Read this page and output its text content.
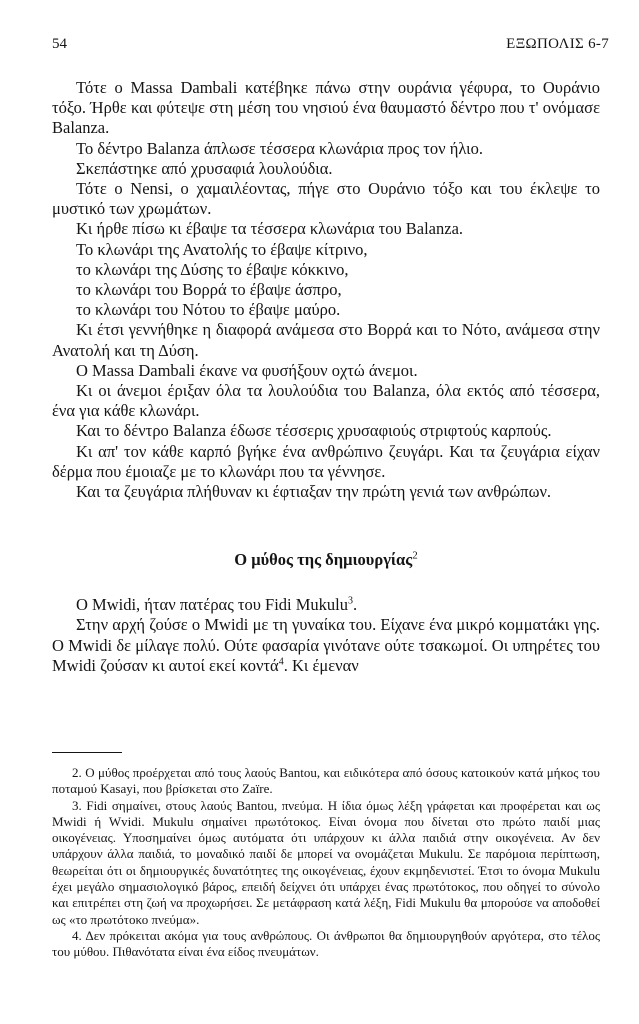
54	ΕΞΩΠΟΛΙΣ 6-7

Τότε ο Massa Dambali κατέβηκε πάνω στην ουράνια γέφυρα, το Ουράνιο τόξο. Ήρθε και φύτεψε στη μέση του νησιού ένα θαυμαστό δέντρο που τ' ονόμασε Balanza.

Το δέντρο Balanza άπλωσε τέσσερα κλωνάρια προς τον ήλιο.

Σκεπάστηκε από χρυσαφιά λουλούδια.

Τότε ο Nensi, ο χαμαιλέοντας, πήγε στο Ουράνιο τόξο και του έκλεψε το μυστικό των χρωμάτων.

Κι ήρθε πίσω κι έβαψε τα τέσσερα κλωνάρια του Balanza.

Το κλωνάρι της Ανατολής το έβαψε κίτρινο,

το κλωνάρι της Δύσης το έβαψε κόκκινο,

το κλωνάρι του Βορρά το έβαψε άσπρο,

το κλωνάρι του Νότου το έβαψε μαύρο.

Κι έτσι γεννήθηκε η διαφορά ανάμεσα στο Βορρά και το Νότο, ανάμεσα στην Ανατολή και τη Δύση.

Ο Massa Dambali έκανε να φυσήξουν οχτώ άνεμοι.

Κι οι άνεμοι έριξαν όλα τα λουλούδια του Balanza, όλα εκτός από τέσσερα, ένα για κάθε κλωνάρι.

Και το δέντρο Balanza έδωσε τέσσερις χρυσαφιούς στριφτούς καρπούς.

Κι απ' τον κάθε καρπό βγήκε ένα ανθρώπινο ζευγάρι. Και τα ζευγάρια είχαν δέρμα που έμοιαζε με το κλωνάρι που τα γέννησε.

Και τα ζευγάρια πλήθυναν κι έφτιαξαν την πρώτη γενιά των ανθρώπων.

Ο μύθος της δημιουργίας$^2$

Ο Mwidi, ήταν πατέρας του Fidi Mukulu$^3$.

Στην αρχή ζούσε ο Mwidi με τη γυναίκα του. Είχανε ένα μικρό κομματάκι γης. Ο Mwidi δε μίλαγε πολύ. Ούτε φασαρία γινότανε ούτε τσακωμοί. Οι υπηρέτες του Mwidi ζούσαν κι αυτοί εκεί κοντά$^4$. Κι έμεναν

2. Ο μύθος προέρχεται από τους λαούς Bantou, και ειδικότερα από όσους κατοικούν κατά μήκος του ποταμού Kasayi, που βρίσκεται στο Zaïre.

3. Fidi σημαίνει, στους λαούς Bantou, πνεύμα. Η ίδια όμως λέξη γράφεται και προφέρεται και ως Mwidi ή Wvidi. Mukulu σημαίνει πρωτότοκος. Είναι όνομα που δίνεται στο πρώτο παιδί μιας οικογένειας. Υποσημαίνει όμως αυτόματα ότι υπάρχουν κι άλλα παιδιά στην οικογένεια. Αν δεν υπάρχουν άλλα παιδιά, το μοναδικό παιδί δε μπορεί να ονομάζεται Mukulu. Σε παρόμοια περίπτωση, θεωρείται ότι οι δημιουργικές δυνατότητες της οικογένειας, έχουν εκμηδενιστεί. Έτσι το όνομα Mukulu έχει μεγάλο σημασιολογικό βάρος, επειδή δείχνει ότι υπάρχει ένας πρωτότοκος, που οδηγεί το σύνολο και επιτρέπει στη ζωή να προχωρήσει. Σε μετάφραση κατά λέξη, Fidi Mukulu θα μπορούσε να αποδοθεί ως «το πρωτότοκο πνεύμα».

4. Δεν πρόκειται ακόμα για τους ανθρώπους. Οι άνθρωποι θα δημιουργηθούν αργότερα, στο τέλος του μύθου. Πιθανότατα είναι ένα είδος πνευμάτων.
